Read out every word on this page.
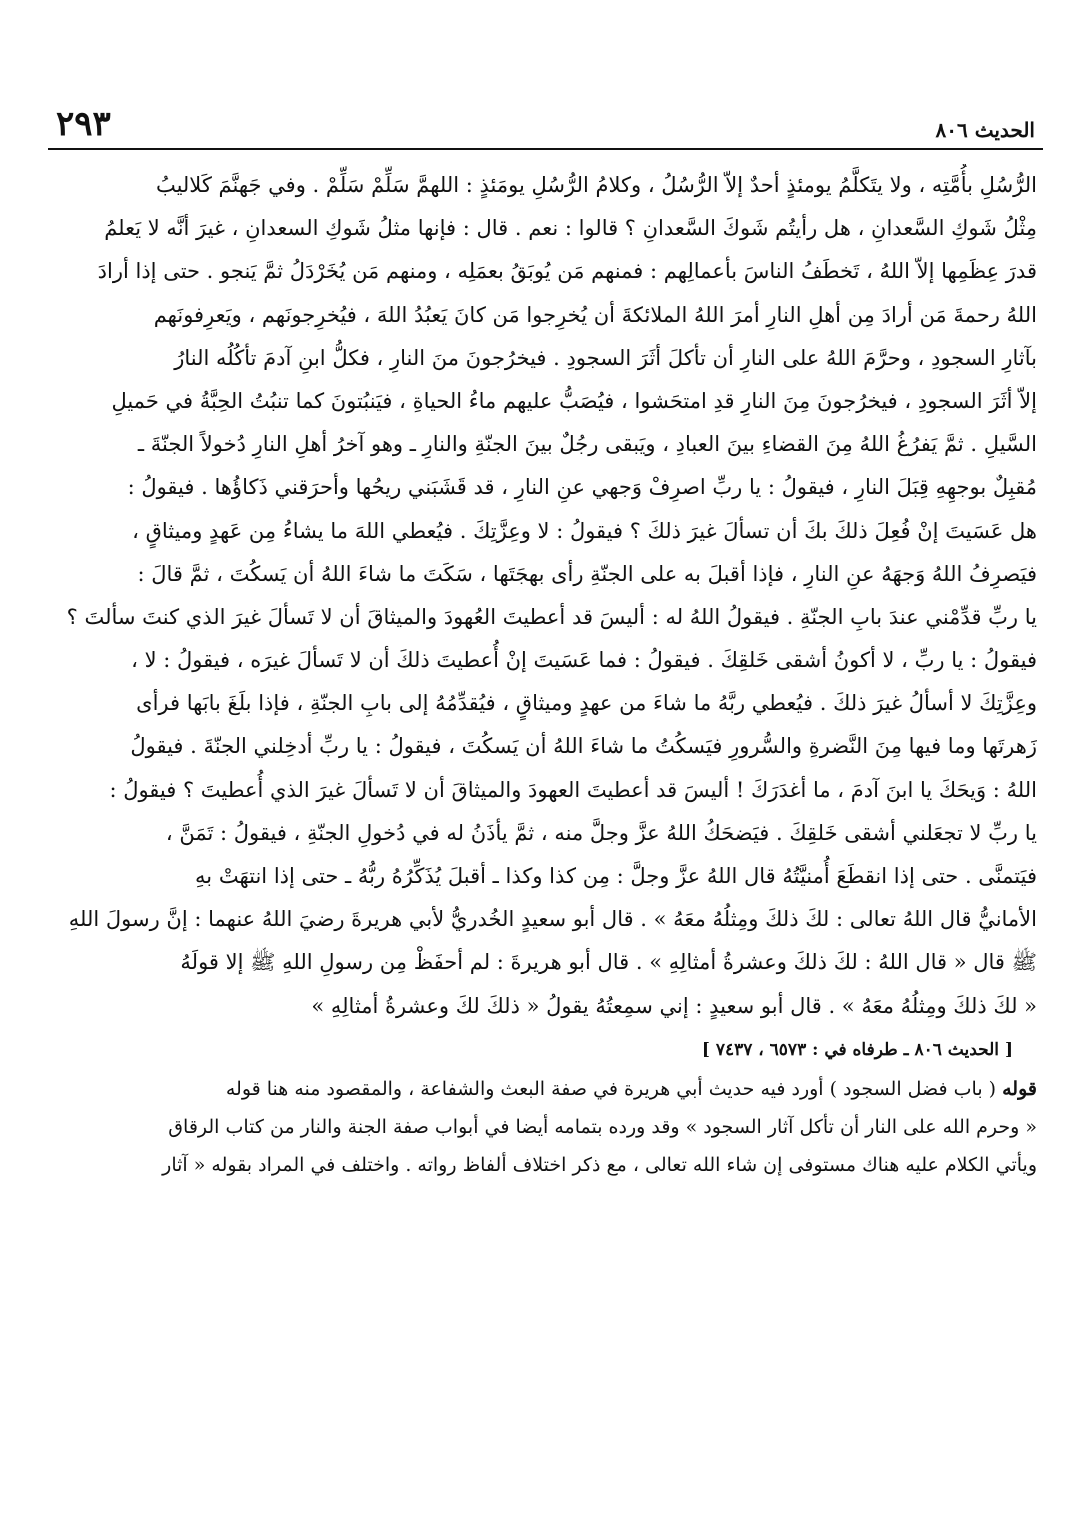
الحديث ٨٠٦
٢٩٣

الرُّسُلِ بأُمَّتِه ، ولا يتَكلَّمُ يومئذٍ أحدٌ إلاّ الرُّسُلُ ، وكلامُ الرُّسُلِ يومَئذٍ : اللهمَّ سَلِّمْ سَلِّمْ . وفي جَهنَّمَ كَلاليبُ

مِثْلُ شَوكِ السَّعدانِ ، هل رأيتُم شَوكَ السَّعدانِ ؟ قالوا : نعم . قال : فإنها مثلُ شَوكِ السعدانِ ، غيرَ أنَّه لا يَعلمُ

قدرَ عِظَمِها إلاّ اللهُ ، تَخطَفُ الناسَ بأعمالِهم : فمنهم مَن يُوبَقُ بعمَلِه ، ومنهم مَن يُخَرْدَلُ ثمَّ يَنجو . حتى إذا أرادَ

اللهُ رحمةَ مَن أرادَ مِن أهلِ النارِ أمرَ اللهُ الملائكةَ أن يُخرِجوا مَن كانَ يَعبُدُ اللهَ ، فيُخرِجونَهم ، ويَعرِفونَهم

بآثارِ السجودِ ، وحرَّمَ اللهُ على النارِ أن تأكلَ أثَرَ السجودِ . فيخرُجونَ منَ النارِ ، فكلُّ ابنِ آدمَ تأكُلُه النارُ

إلاّ أثَرَ السجودِ ، فيخرُجونَ مِنَ النارِ قدِ امتحَشوا ، فيُصَبُّ عليهم ماءُ الحياةِ ، فيَنبُتونَ كما تنبُتُ الحِبَّةُ في حَميلِ

السَّيلِ . ثمَّ يَفرُغُ اللهُ مِنَ القضاءِ بينَ العبادِ ، ويَبقى رجُلٌ بينَ الجنّةِ والنارِ ـ وهو آخرُ أهلِ النارِ دُخولاً الجنّةَ ـ

مُقبِلٌ بوجهِهِ قِبَلَ النارِ ، فيقولُ : يا ربِّ اصرِفْ وَجهي عنِ النارِ ، قد قَشَبَني ريحُها وأحرَقني ذَكاؤُها . فيقولُ :

هل عَسَيتَ إنْ فُعِلَ ذلكَ بكَ أن تسألَ غيرَ ذلكَ ؟ فيقولُ : لا وعِزَّتِكَ . فيُعطي اللهَ ما يشاءُ مِن عَهدٍ وميثاقٍ ،

فيَصرِفُ اللهُ وَجهَهُ عنِ النارِ ، فإذا أقبلَ به على الجنّةِ رأى بهجَتَها ، سَكَتَ ما شاءَ اللهُ أن يَسكُتَ ، ثمَّ قالَ :

يا ربِّ قدِّمْني عندَ بابِ الجنّةِ . فيقولُ اللهُ له : أليسَ قد أعطيتَ العُهودَ والميثاقَ أن لا تَسألَ غيرَ الذي كنتَ سألتَ ؟

فيقولُ : يا ربِّ ، لا أكونُ أشقى خَلقِكَ . فيقولُ : فما عَسَيتَ إنْ أُعطيتَ ذلكَ أن لا تَسألَ غيرَه ، فيقولُ : لا ،

وعِزَّتِكَ لا أسألُ غيرَ ذلكَ . فيُعطي ربَّهُ ما شاءَ من عهدٍ وميثاقٍ ، فيُقدِّمُهُ إلى بابِ الجنّةِ ، فإذا بلَغَ بابَها فرأى

زَهرتَها وما فيها مِنَ النَّضرةِ والسُّرورِ فيَسكُتُ ما شاءَ اللهُ أن يَسكُتَ ، فيقولُ : يا ربِّ أدخِلني الجنّةَ . فيقولُ

اللهُ : وَيحَكَ يا ابنَ آدمَ ، ما أغدَرَكَ ! أليسَ قد أعطيتَ العهودَ والميثاقَ أن لا تَسألَ غيرَ الذي أُعطيتَ ؟ فيقولُ :

يا ربِّ لا تجعَلني أشقى خَلقِكَ . فيَضحَكُ اللهُ عزَّ وجلَّ منه ، ثمَّ يأذَنُ له في دُخولِ الجنّةِ ، فيقولُ : تَمَنَّ ،

فيَتمنَّى . حتى إذا انقطَعَ أُمنيَّتُهُ قال اللهُ عزَّ وجلَّ : مِن كذا وكذا ـ أقبلَ يُذَكِّرُهُ ربُّهُ ـ حتى إذا انتهَتْ بهِ

الأمانيُّ قال اللهُ تعالى : لكَ ذلكَ ومِثلُهُ معَهُ » . قال أبو سعيدٍ الخُدريُّ لأبي هريرةَ رضيَ اللهُ عنهما : إنَّ رسولَ اللهِ

ﷺ قال « قال اللهُ : لكَ ذلكَ وعشرةُ أمثالِهِ » . قال أبو هريرةَ : لم أحفَظْ مِن رسولِ اللهِ ﷺ إلا قولَهُ

« لكَ ذلكَ ومِثلُهُ معَهُ » . قال أبو سعيدٍ : إني سمِعتُهُ يقولُ « ذلكَ لكَ وعشرةُ أمثالِهِ »

[ الحديث ٨٠٦ ـ طرفاه في : ٦٥٧٣ ، ٧٤٣٧ ]

قوله ( باب فضل السجود ) أورد فيه حديث أبي هريرة في صفة البعث والشفاعة ، والمقصود منه هنا قوله

« وحرم الله على النار أن تأكل آثار السجود » وقد ورده بتمامه أيضا في أبواب صفة الجنة والنار من كتاب الرقاق

ويأتي الكلام عليه هناك مستوفى إن شاء الله تعالى ، مع ذكر اختلاف ألفاظ رواته . واختلف في المراد بقوله « آثار
